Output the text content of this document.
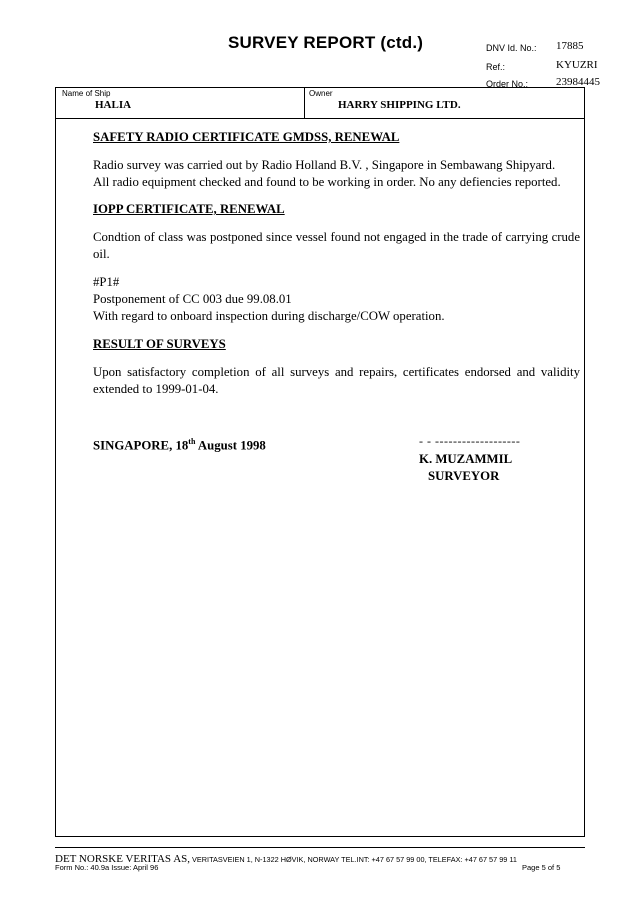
SURVEY REPORT (ctd.)	DNV Id. No.: 17885
Ref.:	KYUZRI
Order No.:	23984445
Name of Ship
HALIA
Owner
HARRY SHIPPING LTD.

SAFETY RADIO CERTIFICATE GMDSS, RENEWAL

Radio survey was carried out by Radio Holland B.V. , Singapore in Sembawang Shipyard.

All radio equipment checked and found to be working in order. No any defiencies reported.

IOPP CERTIFICATE, RENEWAL

Condtion of class was postponed since vessel found not engaged in the trade of carrying crude oil.

#P1#

Postponement of CC 003 due 99.08.01

With regard to onboard inspection during discharge/COW operation.

RESULT OF SURVEYS

Upon satisfactory completion of all surveys and repairs, certificates endorsed and validity extended to 1999-01-04.

SINGAPORE, 18th August 1998	- - -------------------
K. MUZAMMIL
SURVEYOR
DET NORSKE VERITAS AS, VERITASVEIEN 1, N-1322 HØVIK, NORWAY TEL.INT: +47 67 57 99 00, TELEFAX: +47 67 57 99 11
Form No.: 40.9a Issue: April 96	Page 5 of 5
